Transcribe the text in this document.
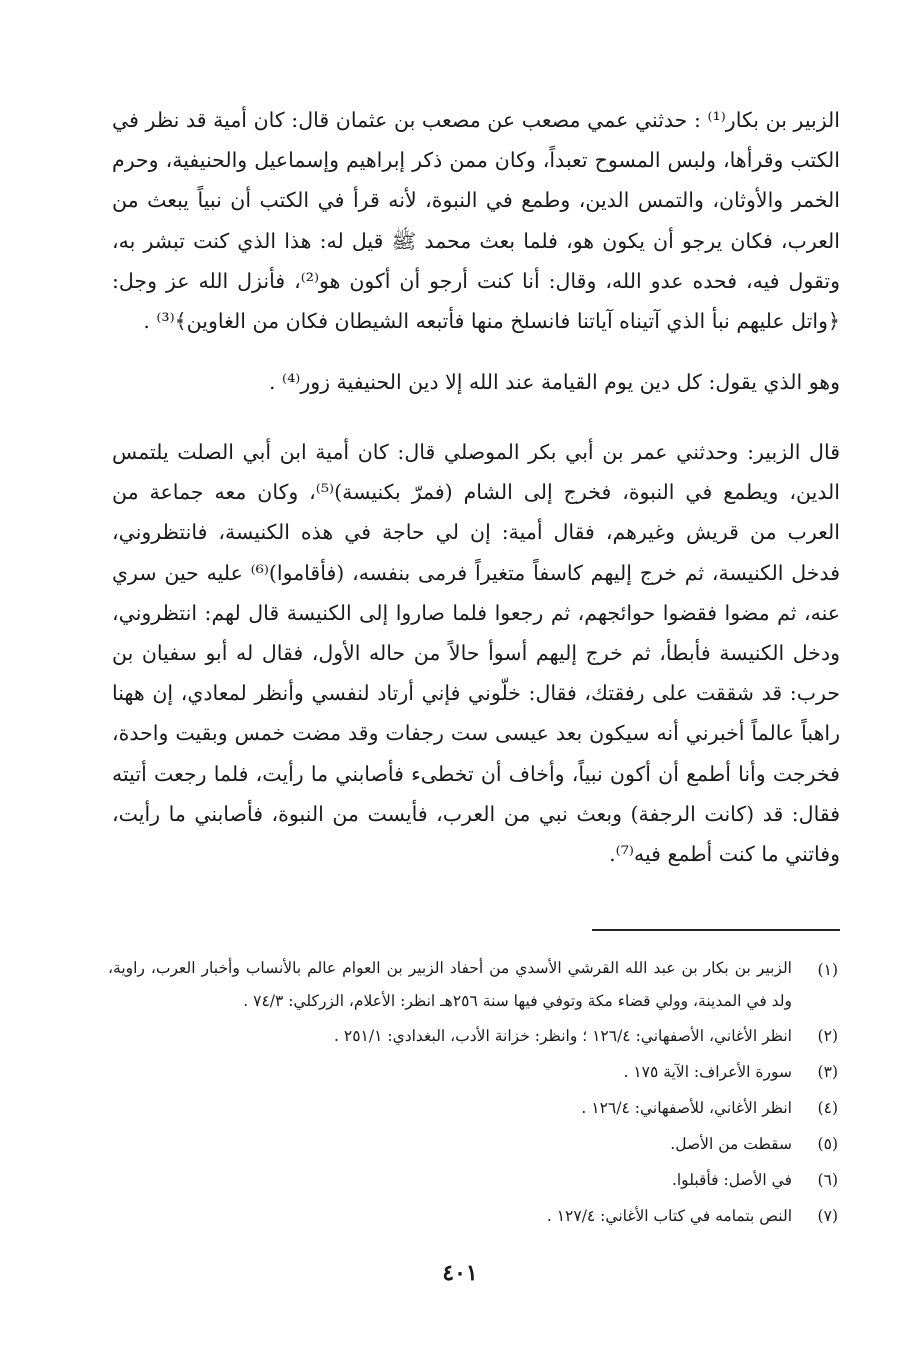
الزبير بن بكار⁽¹⁾ : حدثني عمي مصعب عن مصعب بن عثمان قال: كان أمية قد نظر في الكتب وقرأها، ولبس المسوح تعبداً، وكان ممن ذكر إبراهيم وإسماعيل والحنيفية، وحرم الخمر والأوثان، والتمس الدين، وطمع في النبوة، لأنه قرأ في الكتب أن نبياً يبعث من العرب، فكان يرجو أن يكون هو، فلما بعث محمد ﷺ قيل له: هذا الذي كنت تبشر به، وتقول فيه، فحده عدو الله، وقال: أنا كنت أرجو أن أكون هو⁽²⁾، فأنزل الله عز وجل: ﴿واتل عليهم نبأ الذي آتيناه آياتنا فانسلخ منها فأتبعه الشيطان فكان من الغاوين﴾⁽³⁾ .

وهو الذي يقول: كل دين يوم القيامة عند الله إلا دين الحنيفية زور⁽⁴⁾ .

قال الزبير: وحدثني عمر بن أبي بكر الموصلي قال: كان أمية ابن أبي الصلت يلتمس الدين، ويطمع في النبوة، فخرج إلى الشام (فمرّ بكنيسة)⁽⁵⁾، وكان معه جماعة من العرب من قريش وغيرهم، فقال أمية: إن لي حاجة في هذه الكنيسة، فانتظروني، فدخل الكنيسة، ثم خرج إليهم كاسفاً متغيراً فرمى بنفسه، (فأقاموا)⁽⁶⁾ عليه حين سري عنه، ثم مضوا فقضوا حوائجهم، ثم رجعوا فلما صاروا إلى الكنيسة قال لهم: انتظروني، ودخل الكنيسة فأبطأ، ثم خرج إليهم أسوأ حالاً من حاله الأول، فقال له أبو سفيان بن حرب: قد شققت على رفقتك، فقال: خلّوني فإني أرتاد لنفسي وأنظر لمعادي، إن ههنا راهباً عالماً أخبرني أنه سيكون بعد عيسى ست رجفات وقد مضت خمس وبقيت واحدة، فخرجت وأنا أطمع أن أكون نبياً، وأخاف أن تخطىء فأصابني ما رأيت، فلما رجعت أتيته فقال: قد (كانت الرجفة) وبعث نبي من العرب، فأيست من النبوة، فأصابني ما رأيت، وفاتني ما كنت أطمع فيه⁽⁷⁾.

(١)
الزبير بن بكار بن عبد الله القرشي الأسدي من أحفاد الزبير بن العوام عالم بالأنساب وأخبار العرب، راوية، ولد في المدينة، وولي قضاء مكة وتوفي فيها سنة ٢٥٦هـ انظر: الأعلام، الزركلي: ٧٤/٣ .
(٢)
انظر الأغاني، الأصفهاني: ١٢٦/٤ ؛ وانظر: خزانة الأدب، البغدادي: ٢٥١/١ .
(٣)
سورة الأعراف: الآية ١٧٥ .
(٤)
انظر الأغاني، للأصفهاني: ١٢٦/٤ .
(٥)
سقطت من الأصل.
(٦)
في الأصل: فأقبلوا.
(٧)
النص بتمامه في كتاب الأغاني: ١٢٧/٤ .
٤٠١
